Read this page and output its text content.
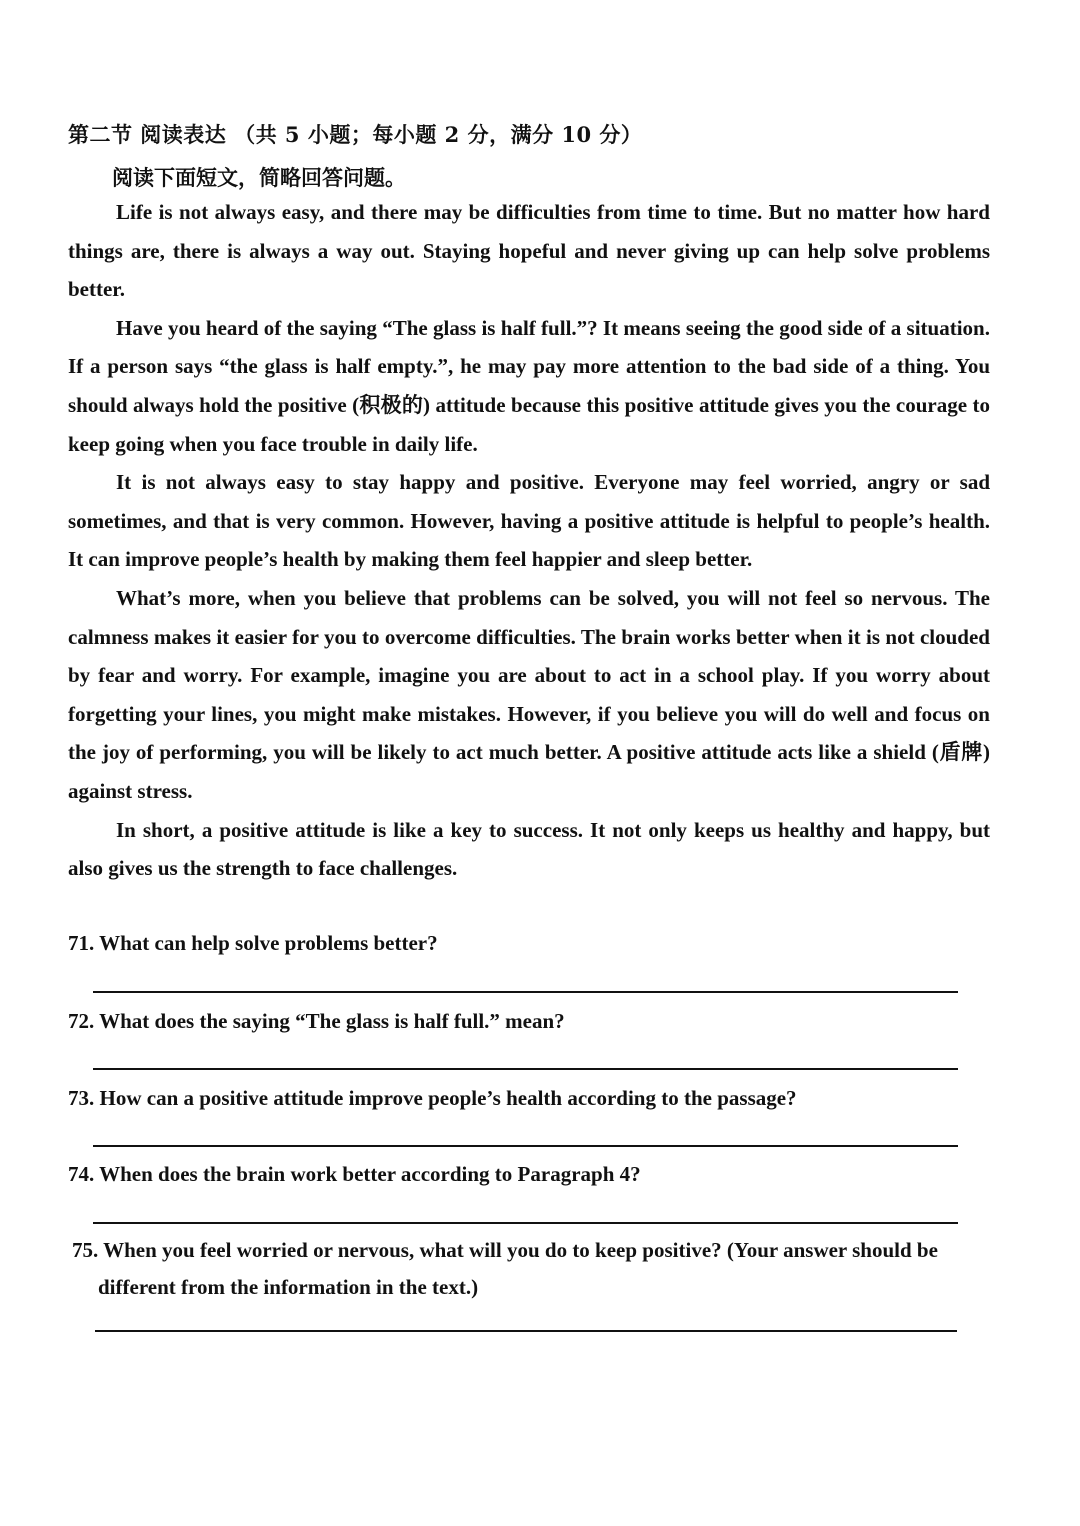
第二节 阅读表达 （共 5 小题；每小题 2 分，满分 10 分）
阅读下面短文，简略回答问题。

Life is not always easy, and there may be difficulties from time to time. But no matter how hard things are, there is always a way out. Staying hopeful and never giving up can help solve problems better.

Have you heard of the saying “The glass is half full.”? It means seeing the good side of a situation. If a person says “the glass is half empty.”, he may pay more attention to the bad side of a thing. You should always hold the positive (积极的) attitude because this positive attitude gives you the courage to keep going when you face trouble in daily life.

It is not always easy to stay happy and positive. Everyone may feel worried, angry or sad sometimes, and that is very common. However, having a positive attitude is helpful to people’s health. It can improve people’s health by making them feel happier and sleep better.

What’s more, when you believe that problems can be solved, you will not feel so nervous. The calmness makes it easier for you to overcome difficulties. The brain works better when it is not clouded by fear and worry. For example, imagine you are about to act in a school play. If you worry about forgetting your lines, you might make mistakes. However, if you believe you will do well and focus on the joy of performing, you will be likely to act much better. A positive attitude acts like a shield (盾牌) against stress.

In short, a positive attitude is like a key to success. It not only keeps us healthy and happy, but also gives us the strength to face challenges.

71. What can help solve problems better?
72. What does the saying “The glass is half full.” mean?
73. How can a positive attitude improve people’s health according to the passage?
74. When does the brain work better according to Paragraph 4?
75. When you feel worried or nervous, what will you do to keep positive? (Your answer should be different from the information in the text.)
